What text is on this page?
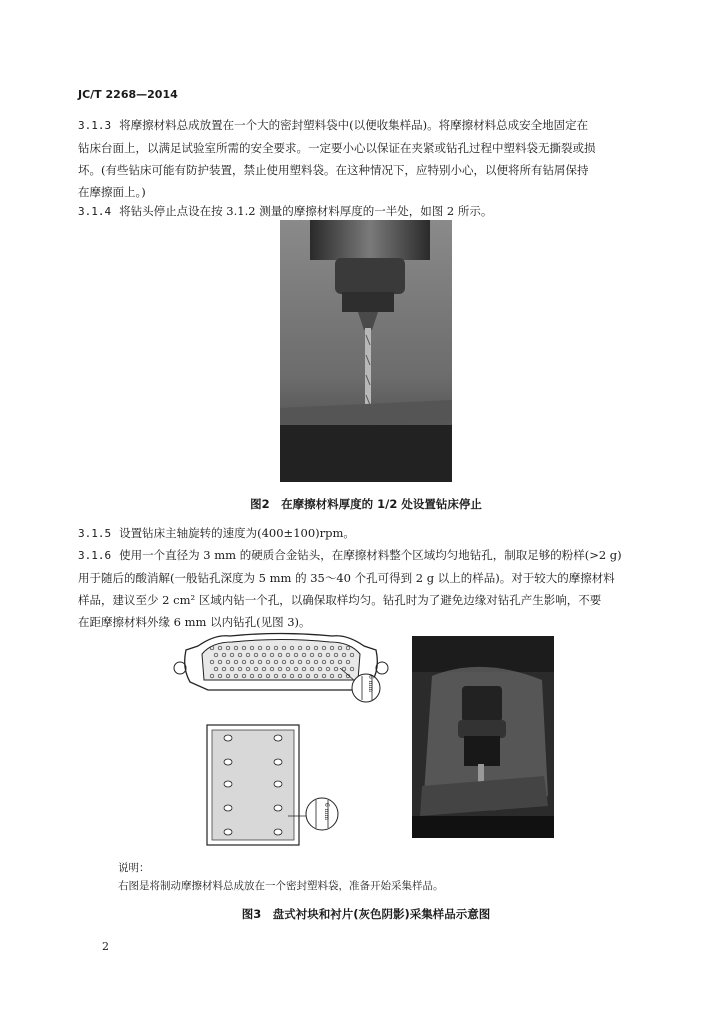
JC/T 2268—2014
3.1.3 将摩擦材料总成放置在一个大的密封塑料袋中(以便收集样品)。将摩擦材料总成安全地固定在
钻床台面上，以满足试验室所需的安全要求。一定要小心以保证在夹紧或钻孔过程中塑料袋无撕裂或损
坏。(有些钻床可能有防护装置，禁止使用塑料袋。在这种情况下，应特别小心，以便将所有钻屑保持
在摩擦面上。)
3.1.4 将钻头停止点设在按 3.1.2 测量的摩擦材料厚度的一半处，如图 2 所示。
图2　在摩擦材料厚度的 1/2 处设置钻床停止
3.1.5 设置钻床主轴旋转的速度为(400±100)rpm。
3.1.6 使用一个直径为 3 mm 的硬质合金钻头，在摩擦材料整个区域均匀地钻孔，制取足够的粉样(>2 g)
用于随后的酸消解(一般钻孔深度为 5 mm 的 35～40 个孔可得到 2 g 以上的样品)。对于较大的摩擦材料
样品，建议至少 2 cm² 区域内钻一个孔，以确保取样均匀。钻孔时为了避免边缘对钻孔产生影响，不要
在距摩擦材料外缘 6 mm 以内钻孔(见图 3)。
6 mm
6 mm
说明：
右图是将制动摩擦材料总成放在一个密封塑料袋，准备开始采集样品。
图3　盘式衬块和衬片(灰色阴影)采集样品示意图
2
